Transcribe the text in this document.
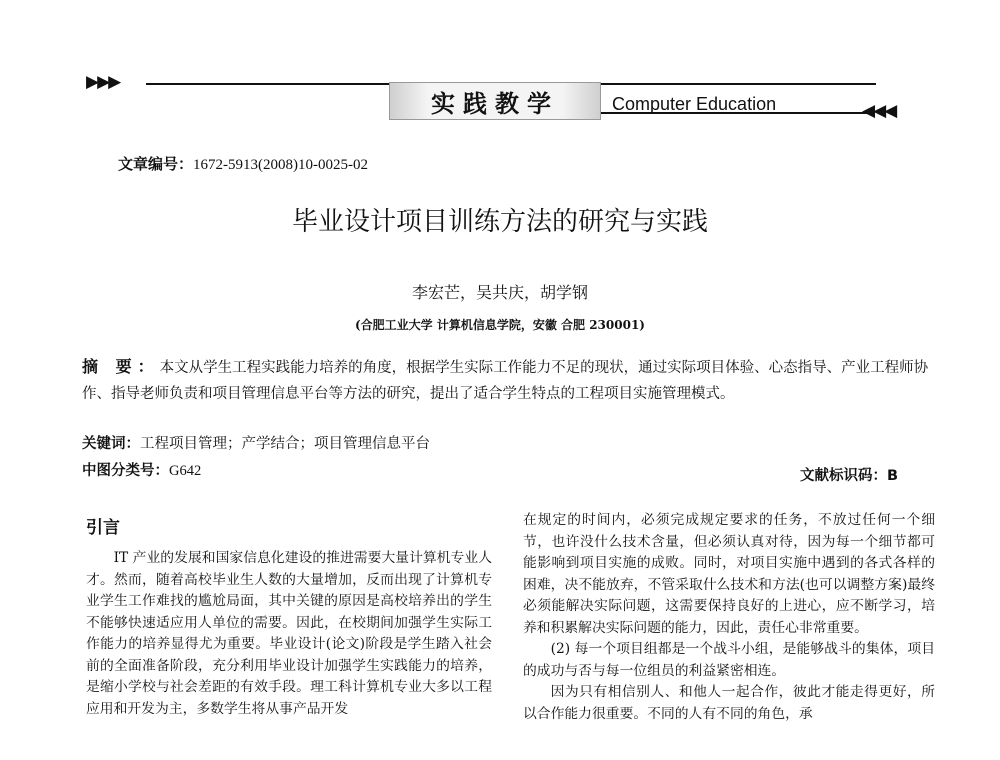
▶▶▶
实践教学	Computer Education	◀◀◀
文章编号：1672-5913(2008)10-0025-02
毕业设计项目训练方法的研究与实践
李宏芒，吴共庆，胡学钢
(合肥工业大学 计算机信息学院，安徽 合肥 230001)
摘 要：本文从学生工程实践能力培养的角度，根据学生实际工作能力不足的现状，通过实际项目体验、心态指导、产业工程师协作、指导老师负责和项目管理信息平台等方法的研究，提出了适合学生特点的工程项目实施管理模式。
关键词：工程项目管理；产学结合；项目管理信息平台
中图分类号：G642	文献标识码：B
引言

IT 产业的发展和国家信息化建设的推进需要大量计算机专业人才。然而，随着高校毕业生人数的大量增加，反而出现了计算机专业学生工作难找的尴尬局面，其中关键的原因是高校培养出的学生不能够快速适应用人单位的需要。因此，在校期间加强学生实际工作能力的培养显得尤为重要。毕业设计(论文)阶段是学生踏入社会前的全面准备阶段，充分利用毕业设计加强学生实践能力的培养，是缩小学校与社会差距的有效手段。理工科计算机专业大多以工程应用和开发为主，多数学生将从事产品开发

在规定的时间内，必须完成规定要求的任务，不放过任何一个细节，也许没什么技术含量，但必须认真对待，因为每一个细节都可能影响到项目实施的成败。同时，对项目实施中遇到的各式各样的困难，决不能放弃，不管采取什么技术和方法(也可以调整方案)最终必须能解决实际问题，这需要保持良好的上进心，应不断学习，培养和积累解决实际问题的能力，因此，责任心非常重要。

(2) 每一个项目组都是一个战斗小组，是能够战斗的集体，项目的成功与否与每一位组员的利益紧密相连。

因为只有相信别人、和他人一起合作，彼此才能走得更好，所以合作能力很重要。不同的人有不同的角色，承
